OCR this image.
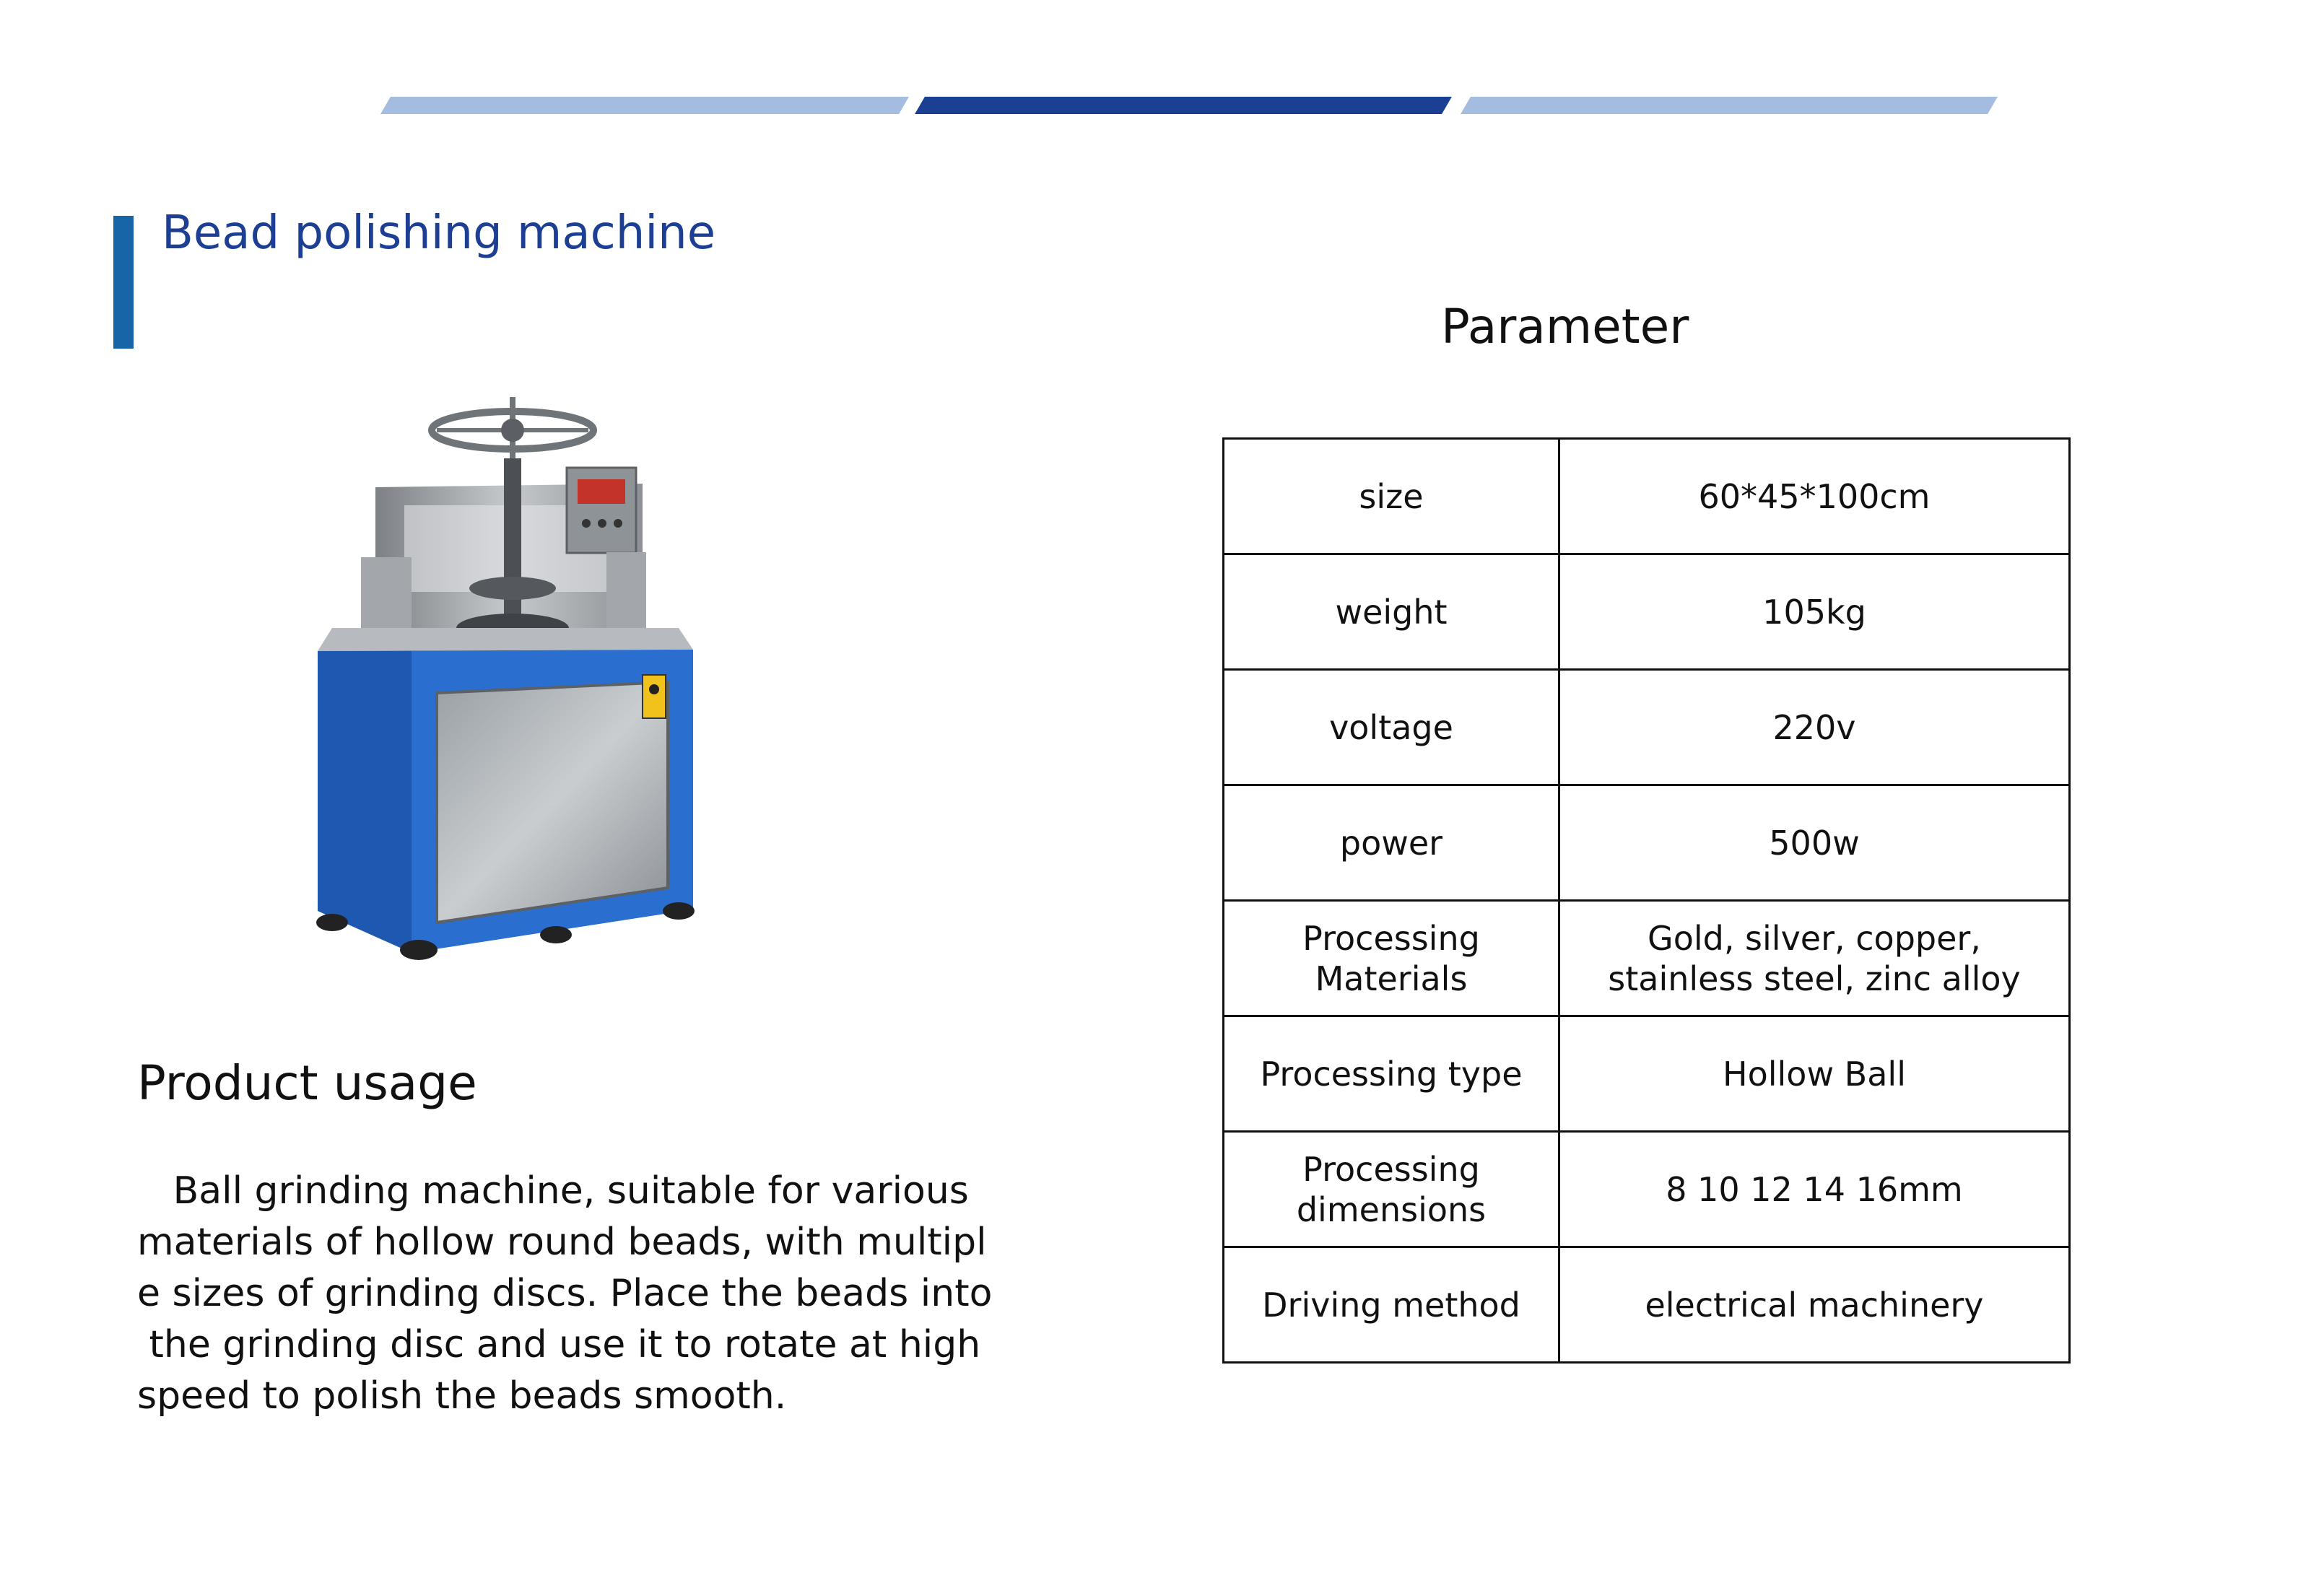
Bead polishing machine
Product usage
Ball grinding machine, suitable for various
materials of hollow round beads, with multipl
e sizes of grinding discs. Place the beads into
the grinding disc and use it to rotate at high
speed to polish the beads smooth.
Parameter
size	60*45*100cm
weight	105kg
voltage	220v
power	500w
Processing Materials	Gold, silver, copper, stainless steel, zinc alloy
Processing type	Hollow Ball
Processing dimensions	8 10 12 14 16mm
Driving method	electrical machinery
